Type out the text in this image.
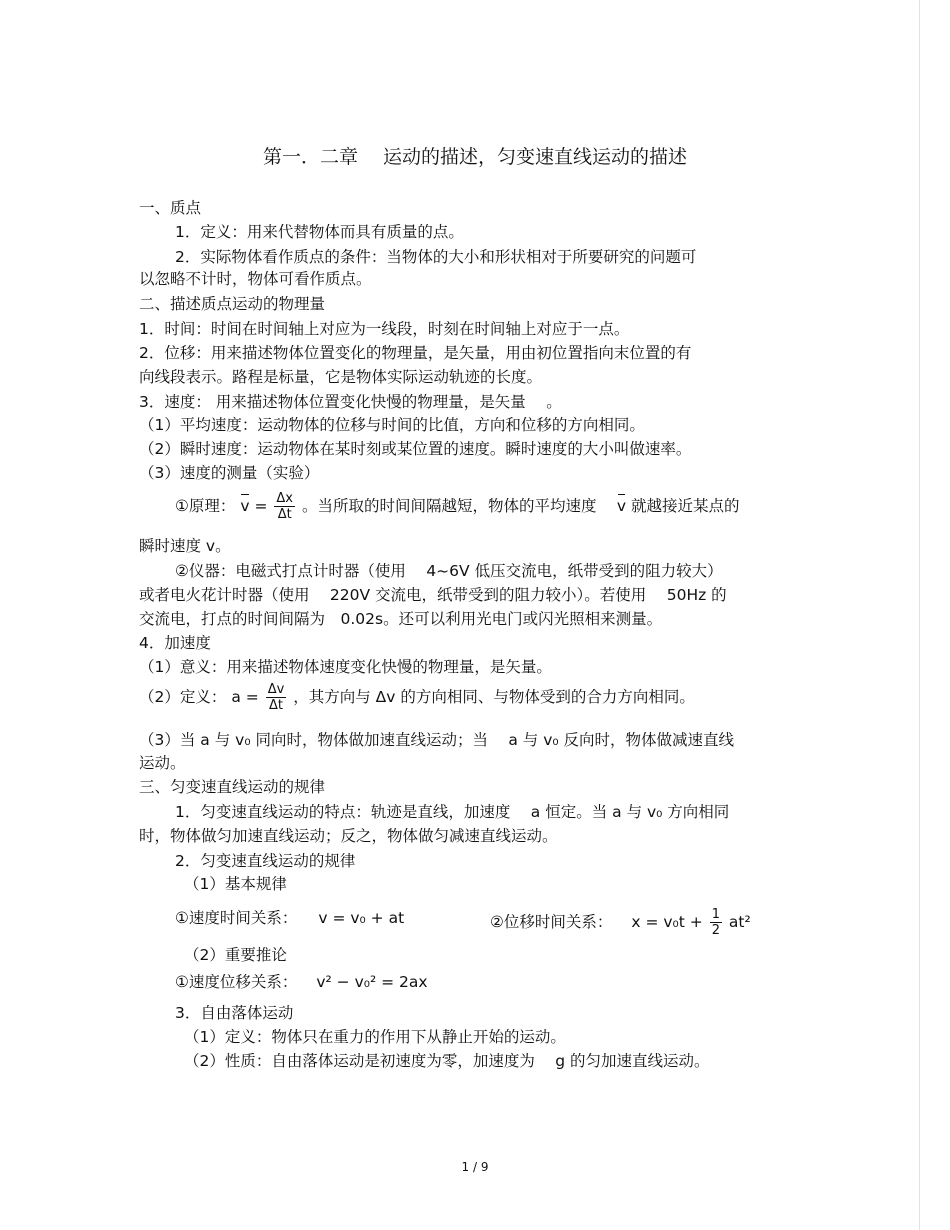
第一．二章　 运动的描述，匀变速直线运动的描述
一、质点
1．定义：用来代替物体而具有质量的点。
2．实际物体看作质点的条件：当物体的大小和形状相对于所要研究的问题可
以忽略不计时，物体可看作质点。
二、描述质点运动的物理量
1．时间：时间在时间轴上对应为一线段，时刻在时间轴上对应于一点。
2．位移：用来描述物体位置变化的物理量，是矢量，用由初位置指向末位置的有
向线段表示。路程是标量，它是物体实际运动轨迹的长度。
3．速度： 用来描述物体位置变化快慢的物理量，是矢量　 。
（1）平均速度：运动物体的位移与时间的比值，方向和位移的方向相同。
（2）瞬时速度：运动物体在某时刻或某位置的速度。瞬时速度的大小叫做速率。
（3）速度的测量（实验）
①原理： $v = \frac{\Delta x}{\Delta t}$ 。当所取的时间间隔越短，物体的平均速度　 v 就越接近某点的
瞬时速度 v。
②仪器：电磁式打点计时器（使用　 4~6V 低压交流电，纸带受到的阻力较大）
或者电火花计时器（使用　 220V 交流电，纸带受到的阻力较小）。若使用　 50Hz 的
交流电，打点的时间间隔为　0.02s。还可以利用光电门或闪光照相来测量。
4．加速度
（1）意义：用来描述物体速度变化快慢的物理量，是矢量。
（2）定义： $a = \frac{\Delta v}{\Delta t}$ ，其方向与 Δv 的方向相同、与物体受到的合力方向相同。
（3）当 a 与 v₀ 同向时，物体做加速直线运动；当　 a 与 v₀ 反向时，物体做减速直线
运动。
三、匀变速直线运动的规律
1．匀变速直线运动的特点：轨迹是直线，加速度　 a 恒定。当 a 与 v₀ 方向相同
时，物体做匀加速直线运动；反之，物体做匀减速直线运动。
2．匀变速直线运动的规律
（1）基本规律
①速度时间关系： v = v₀ + at	②位移时间关系： $x = v_0t + \frac{1}{2} at^2$
（2）重要推论
①速度位移关系： v² − v₀² = 2ax
3．自由落体运动
（1）定义：物体只在重力的作用下从静止开始的运动。
（2）性质：自由落体运动是初速度为零，加速度为　 g 的匀加速直线运动。
1 / 9
